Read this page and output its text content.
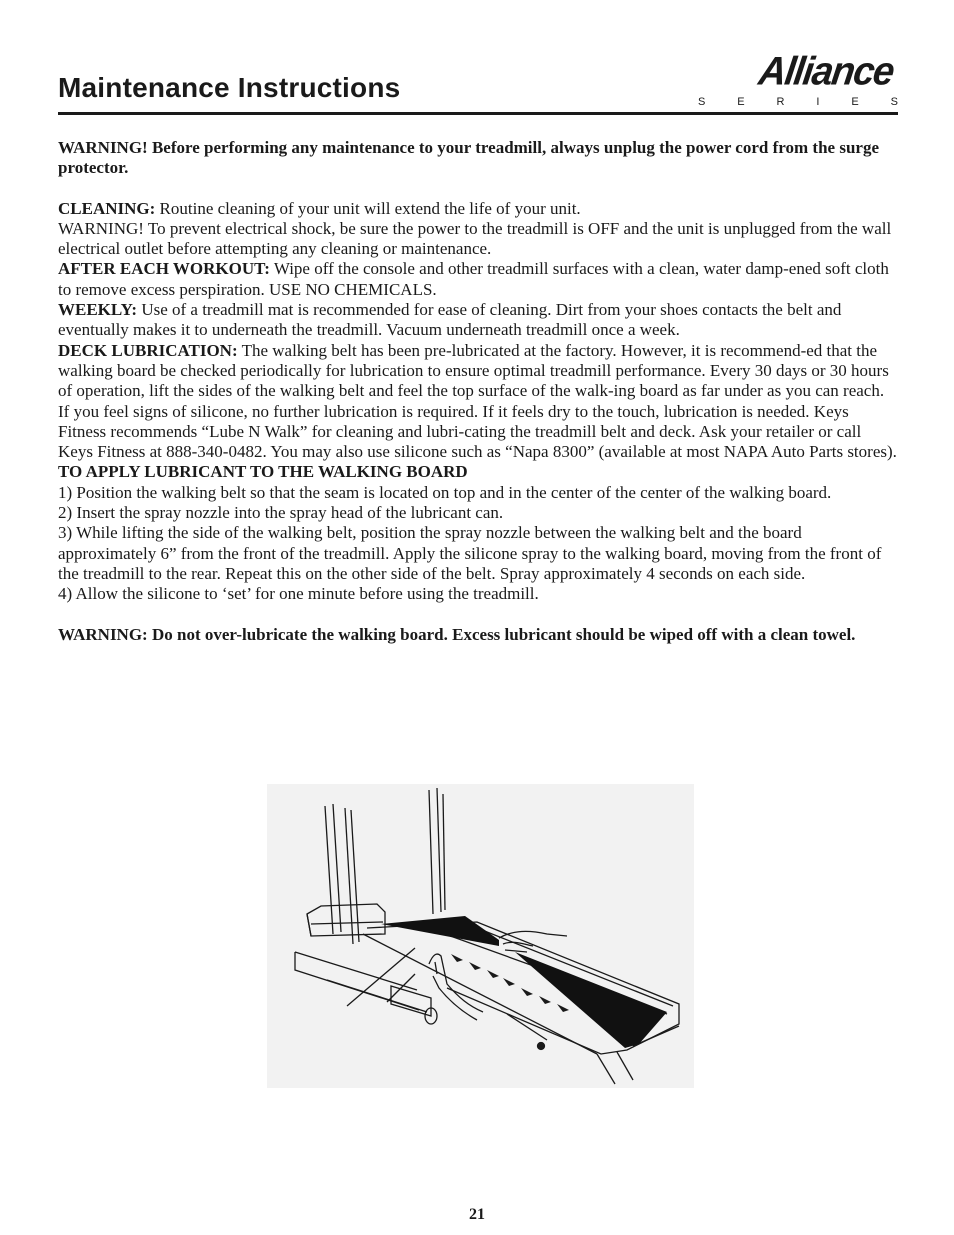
Maintenance Instructions	Alliance
S	E	R	I	E	S

WARNING! Before performing any maintenance to your treadmill, always unplug the power cord from the surge protector.

CLEANING: Routine cleaning of your unit will extend the life of your unit.

WARNING! To prevent electrical shock, be sure the power to the treadmill is OFF and the unit is unplugged from the wall electrical outlet before attempting any cleaning or maintenance.

AFTER EACH WORKOUT: Wipe off the console and other treadmill surfaces with a clean, water damp-ened soft cloth to remove excess perspiration. USE NO CHEMICALS.

WEEKLY: Use of a treadmill mat is recommended for ease of cleaning. Dirt from your shoes contacts the belt and eventually makes it to underneath the treadmill. Vacuum underneath treadmill once a week.

DECK LUBRICATION: The walking belt has been pre-lubricated at the factory. However, it is recommend-ed that the walking board be checked periodically for lubrication to ensure optimal treadmill performance. Every 30 days or 30 hours of operation, lift the sides of the walking belt and feel the top surface of the walk-ing board as far under as you can reach. If you feel signs of silicone, no further lubrication is required. If it feels dry to the touch, lubrication is needed. Keys Fitness recommends “Lube N Walk” for cleaning and lubri-cating the treadmill belt and deck. Ask your retailer or call Keys Fitness at 888-340-0482. You may also use silicone such as “Napa 8300” (available at most NAPA Auto Parts stores).

TO APPLY LUBRICANT TO THE WALKING BOARD

1) Position the walking belt so that the seam is located on top and in the center of the center of the walking board.

2) Insert the spray nozzle into the spray head of the lubricant can.

3) While lifting the side of the walking belt, position the spray nozzle between the walking belt and the board approximately 6” from the front of the treadmill. Apply the silicone spray to the walking board, moving from the front of the treadmill to the rear. Repeat this on the other side of the belt. Spray approximately 4 seconds on each side.

4) Allow the silicone to ‘set’ for one minute before using the treadmill.

WARNING: Do not over-lubricate the walking board. Excess lubricant should be wiped off with a clean towel.

21
